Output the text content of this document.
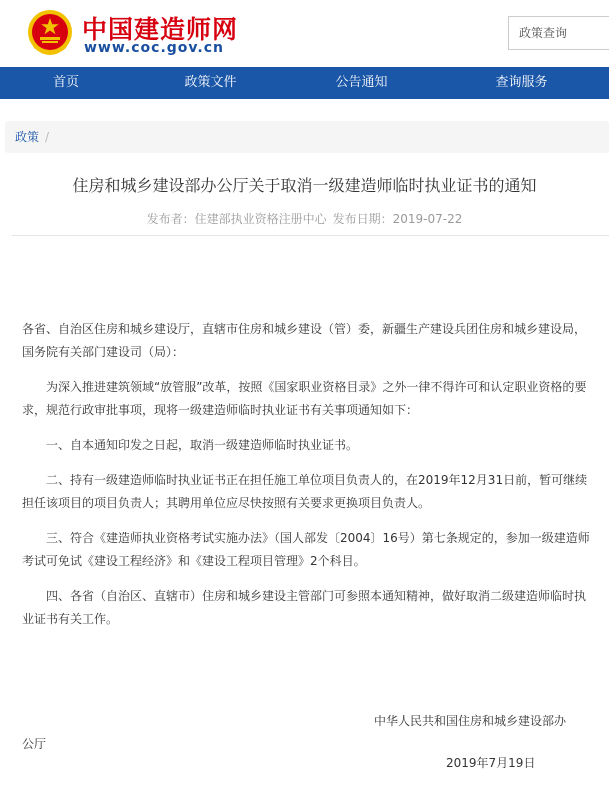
中国建造师网
www.coc.gov.cn
政策查询
首页	政策文件	公告通知	查询服务
政策 /
住房和城乡建设部办公厅关于取消一级建造师临时执业证书的通知
发布者：住建部执业资格注册中心 发布日期：2019-07-22

各省、自治区住房和城乡建设厅，直辖市住房和城乡建设（管）委，新疆生产建设兵团住房和城乡建设局，国务院有关部门建设司（局）：

为深入推进建筑领域“放管服”改革，按照《国家职业资格目录》之外一律不得许可和认定职业资格的要求，规范行政审批事项，现将一级建造师临时执业证书有关事项通知如下：

一、自本通知印发之日起，取消一级建造师临时执业证书。

二、持有一级建造师临时执业证书正在担任施工单位项目负责人的，在2019年12月31日前，暂可继续担任该项目的项目负责人；其聘用单位应尽快按照有关要求更换项目负责人。

三、符合《建造师执业资格考试实施办法》（国人部发〔2004〕16号）第七条规定的，参加一级建造师考试可免试《建设工程经济》和《建设工程项目管理》2个科目。

四、各省（自治区、直辖市）住房和城乡建设主管部门可参照本通知精神，做好取消二级建造师临时执业证书有关工作。

中华人民共和国住房和城乡建设部办
公厅
2019年7月19日
